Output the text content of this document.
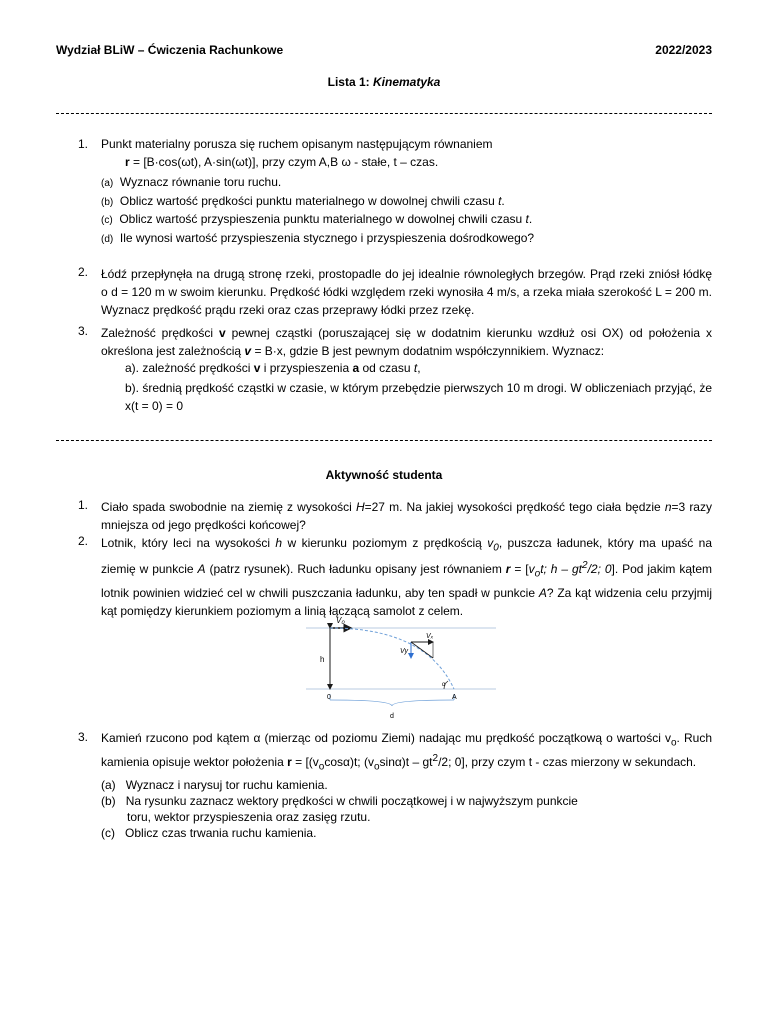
Wydział BLiW – Ćwiczenia Rachunkowe	2022/2023
Lista 1: Kinematyka
1. Punkt materialny porusza się ruchem opisanym następującym równaniem
r = [B·cos(ωt), A·sin(ωt)], przy czym A,B ω - stałe, t – czas.
(a) Wyznacz równanie toru ruchu.
(b) Oblicz wartość prędkości punktu materialnego w dowolnej chwili czasu t.
(c) Oblicz wartość przyspieszenia punktu materialnego w dowolnej chwili czasu t.
(d) Ile wynosi wartość przyspieszenia stycznego i przyspieszenia dośrodkowego?
2. Łódź przepłynęła na drugą stronę rzeki, prostopadle do jej idealnie równoległych brzegów. Prąd rzeki zniósł łódkę o d = 120 m w swoim kierunku. Prędkość łódki względem rzeki wynosiła 4 m/s, a rzeka miała szerokość L = 200 m. Wyznacz prędkość prądu rzeki oraz czas przeprawy łódki przez rzekę.
3. Zależność prędkości v pewnej cząstki (poruszającej się w dodatnim kierunku wzdłuż osi OX) od położenia x określona jest zależnością v = B·x, gdzie B jest pewnym dodatnim współczynnikiem. Wyznacz:
a). zależność prędkości v i przyspieszenia a od czasu t,
b). średnią prędkość cząstki w czasie, w którym przebędzie pierwszych 10 m drogi. W obliczeniach przyjąć, że x(t = 0) = 0
Aktywność studenta
1. Ciało spada swobodnie na ziemię z wysokości H=27 m. Na jakiej wysokości prędkość tego ciała będzie n=3 razy mniejsza od jego prędkości końcowej?
2. Lotnik, który leci na wysokości h w kierunku poziomym z prędkością $v_0$, puszcza ładunek, który ma upaść na ziemię w punkcie A (patrz rysunek). Ruch ładunku opisany jest równaniem $r = [v_ot$; h – $gt^2/2$; 0]. Pod jakim kątem lotnik powinien widzieć cel w chwili puszczania ładunku, aby ten spadł w punkcie A? Za kąt widzenia celu przyjmij kąt pomiędzy kierunkiem poziomym a linią łączącą samolot z celem.
V₀
Vₓ
Vy
h
0	A
d
α
3. Kamień rzucono pod kątem α (mierząc od poziomu Ziemi) nadając mu prędkość początkową o wartości $v_o$. Ruch kamienia opisuje wektor położenia $r = [(v_o\cos\alpha)t$; $(v_o\sin\alpha)t - gt^2/2$; 0], przy czym t - czas mierzony w sekundach.
(a) Wyznacz i narysuj tor ruchu kamienia.
(b) Na rysunku zaznacz wektory prędkości w chwili początkowej i w najwyższym punkcie
toru, wektor przyspieszenia oraz zasięg rzutu.
(c) Oblicz czas trwania ruchu kamienia.
